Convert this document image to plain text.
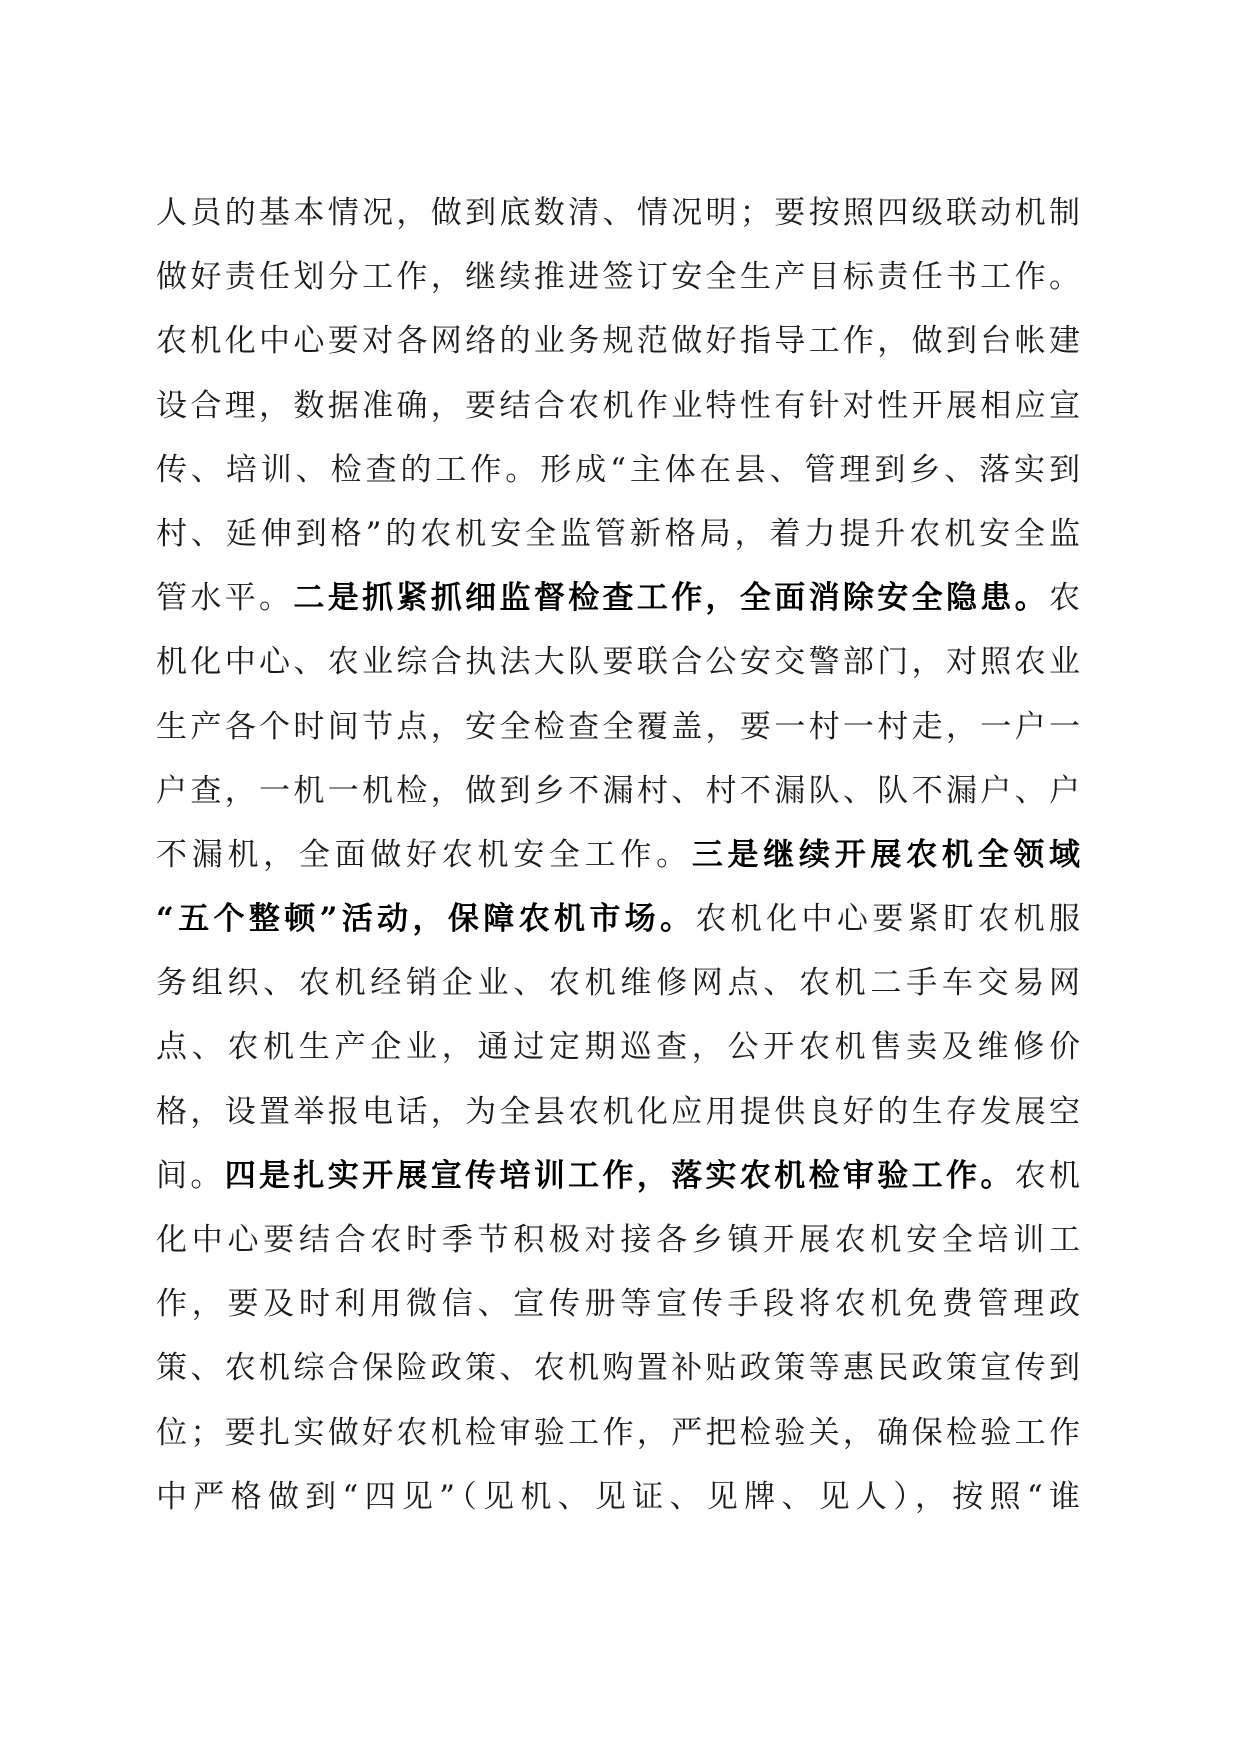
人员的基本情况，做到底数清、情况明；要按照四级联动机制
做好责任划分工作，继续推进签订安全生产目标责任书工作。
农机化中心要对各网络的业务规范做好指导工作，做到台帐建
设合理，数据准确，要结合农机作业特性有针对性开展相应宣
传、培训、检查的工作。形成“主体在县、管理到乡、落实到
村、延伸到格”的农机安全监管新格局，着力提升农机安全监
管水平。二是抓紧抓细监督检查工作，全面消除安全隐患。农
机化中心、农业综合执法大队要联合公安交警部门，对照农业
生产各个时间节点，安全检查全覆盖，要一村一村走，一户一
户查，一机一机检，做到乡不漏村、村不漏队、队不漏户、户
不漏机，全面做好农机安全工作。三是继续开展农机全领域
“五个整顿”活动，保障农机市场。农机化中心要紧盯农机服
务组织、农机经销企业、农机维修网点、农机二手车交易网
点、农机生产企业，通过定期巡查，公开农机售卖及维修价
格，设置举报电话，为全县农机化应用提供良好的生存发展空
间。四是扎实开展宣传培训工作，落实农机检审验工作。农机
化中心要结合农时季节积极对接各乡镇开展农机安全培训工
作，要及时利用微信、宣传册等宣传手段将农机免费管理政
策、农机综合保险政策、农机购置补贴政策等惠民政策宣传到
位；要扎实做好农机检审验工作，严把检验关，确保检验工作
中严格做到“四见”（见机、见证、见牌、见人），按照“谁
